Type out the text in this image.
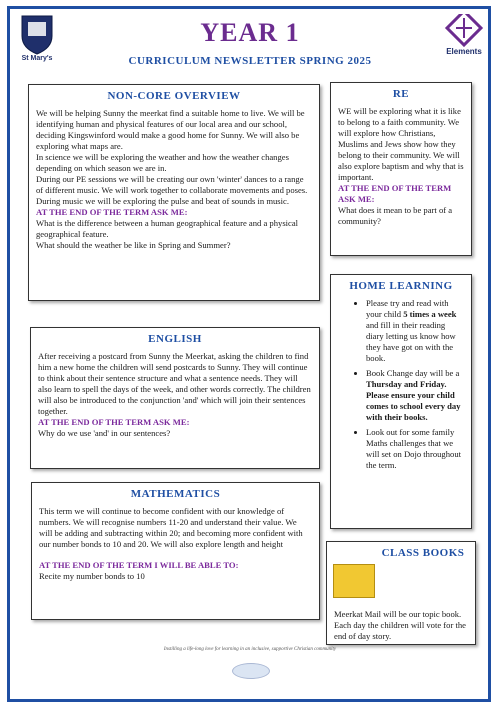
St Mary's
Elements
YEAR 1
CURRICULUM NEWSLETTER SPRING 2025
NON-CORE OVERVIEW

We will be helping Sunny the meerkat find a suitable home to live. We will be identifying human and physical features of our local area and our school, deciding Kingswinford would make a good home for Sunny. We will also be exploring what maps are.

In science we will be exploring the weather and how the weather changes depending on which season we are in.

During our PE sessions we will be creating our own 'winter' dances to a range of different music. We will work together to collaborate movements and poses.

During music we will be exploring the pulse and beat of sounds in music.

AT THE END OF THE TERM ASK ME:

What is the difference between a human geographical feature and a physical geographical feature.

What should the weather be like in Spring and Summer?

RE

WE will be exploring what it is like to belong to a faith community. We will explore how Christians, Muslims and Jews show how they belong to their community. We will also explore baptism and why that is important.

AT THE END OF THE TERM ASK ME:

What does it mean to be part of a community?

ENGLISH

After receiving a postcard from Sunny the Meerkat, asking the children to find him a new home the children will send postcards to Sunny. They will continue to think about their sentence structure and what a sentence needs. They will also learn to spell the days of the week, and other words correctly. The children will also be introduced to the conjunction 'and' which will join their sentences together.

AT THE END OF THE TERM ASK ME:

Why do we use 'and' in our sentences?

HOME LEARNING
• Please try and read with your child 5 times a week and fill in their reading diary letting us know how they have got on with the book.
• Book Change day will be a Thursday and Friday. Please ensure your child comes to school every day with their books.
• Look out for some family Maths challenges that we will set on Dojo throughout the term.
MATHEMATICS

This term we will continue to become confident with our knowledge of numbers. We will recognise numbers 11-20 and understand their value. We will be adding and subtracting within 20; and becoming more confident with our number bonds to 10 and 20. We will also explore length and height

AT THE END OF THE TERM I WILL BE ABLE TO:

Recite my number bonds to 10

CLASS BOOKS

Meerkat Mail will be our topic book. Each day the children will vote for the end of day story.

Instilling a life-long love for learning in an inclusive, supportive Christian community
